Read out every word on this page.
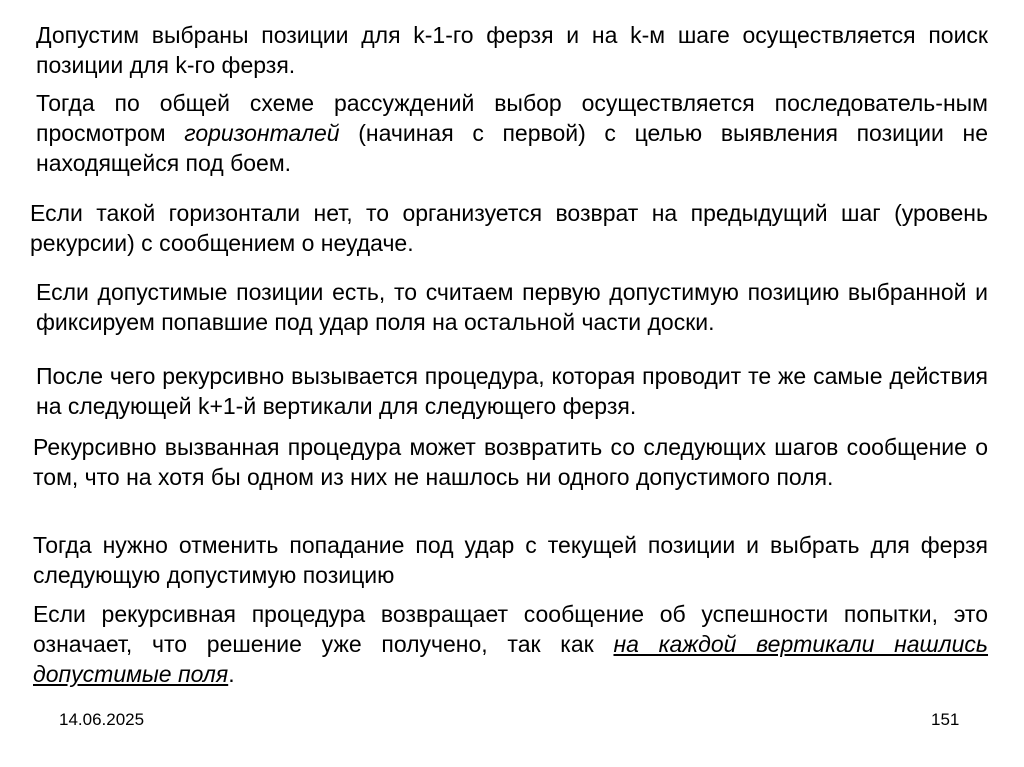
Допустим выбраны позиции для k-1-го ферзя и на k-м шаге осуществляется поиск позиции для k-го ферзя.

Тогда по общей схеме рассуждений выбор осуществляется последователь-ным просмотром горизонталей (начиная с первой) с целью выявления позиции не находящейся под боем.

Если такой горизонтали нет, то организуется возврат на предыдущий шаг (уровень рекурсии) с сообщением о неудаче.

Если допустимые позиции есть, то считаем первую допустимую позицию выбранной и фиксируем попавшие под удар поля на остальной части доски.

После чего рекурсивно вызывается процедура, которая проводит те же самые действия на следующей k+1-й вертикали для следующего ферзя.

Рекурсивно вызванная процедура может возвратить со следующих шагов сообщение о том, что на хотя бы одном из них не нашлось ни одного допустимого поля.

Тогда нужно отменить попадание под удар с текущей позиции и выбрать для ферзя следующую допустимую позицию

Если рекурсивная процедура возвращает сообщение об успешности попытки, это означает, что решение уже получено, так как на каждой вертикали нашлись допустимые поля.

14.06.2025	151
